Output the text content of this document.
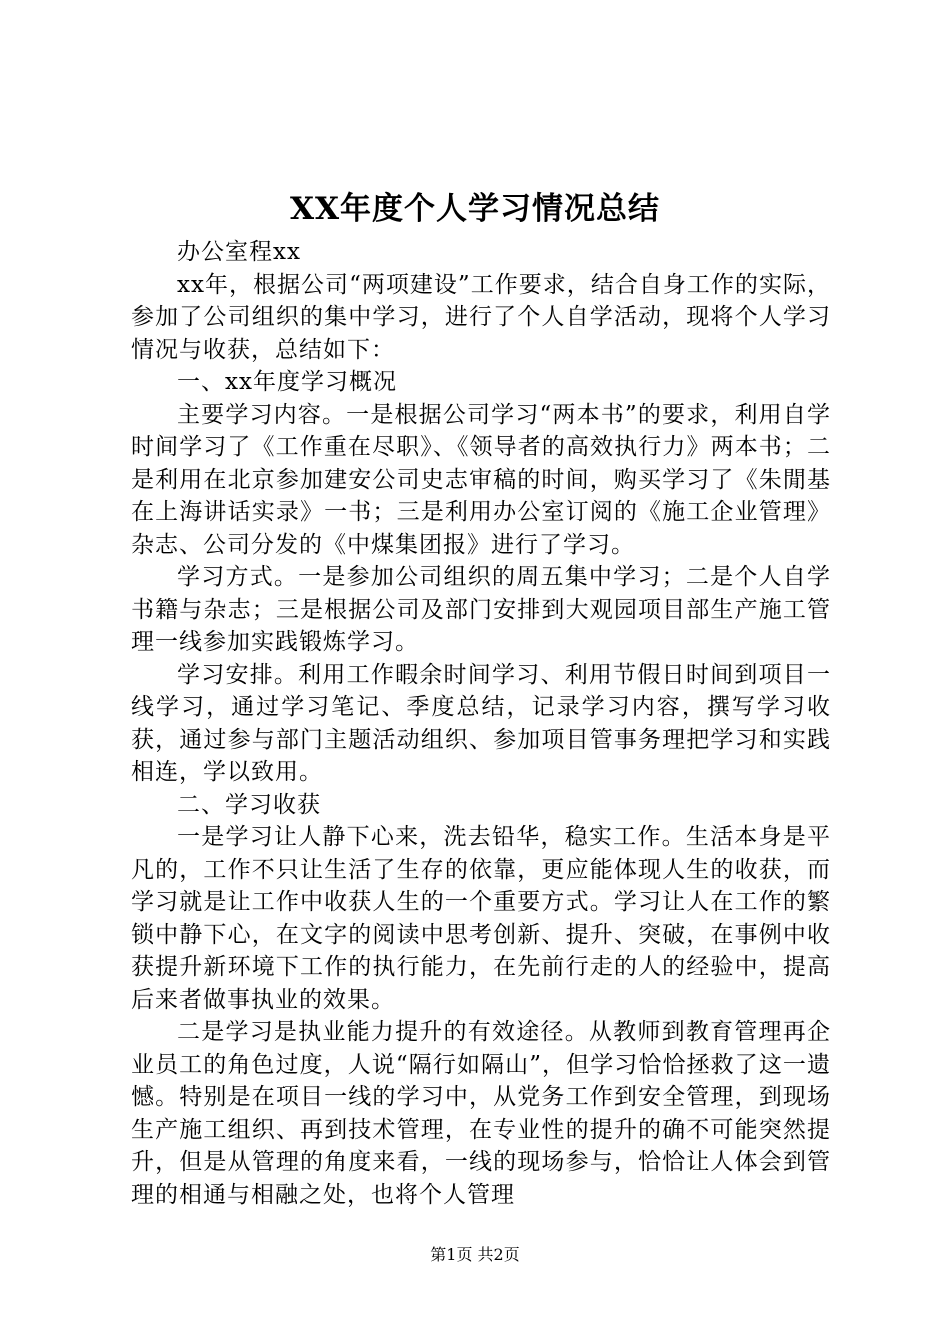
XX年度个人学习情况总结

办公室程xx

xx年，根据公司“两项建设”工作要求，结合自身工作的实际，参加了公司组织的集中学习，进行了个人自学活动，现将个人学习情况与收获，总结如下：

一、xx年度学习概况

主要学习内容。一是根据公司学习“两本书”的要求，利用自学时间学习了《工作重在尽职》、《领导者的高效执行力》两本书；二是利用在北京参加建安公司史志审稿的时间，购买学习了《朱閒基在上海讲话实录》一书；三是利用办公室订阅的《施工企业管理》杂志、公司分发的《中煤集团报》进行了学习。

学习方式。一是参加公司组织的周五集中学习；二是个人自学书籍与杂志；三是根据公司及部门安排到大观园项目部生产施工管理一线参加实践锻炼学习。

学习安排。利用工作暇余时间学习、利用节假日时间到项目一线学习，通过学习笔记、季度总结，记录学习内容，撰写学习收获，通过参与部门主题活动组织、参加项目管事务理把学习和实践相连，学以致用。

二、学习收获

一是学习让人静下心来，洗去铅华，稳实工作。生活本身是平凡的，工作不只让生活了生存的依靠，更应能体现人生的收获，而学习就是让工作中收获人生的一个重要方式。学习让人在工作的繁锁中静下心，在文字的阅读中思考创新、提升、突破，在事例中收获提升新环境下工作的执行能力，在先前行走的人的经验中，提高后来者做事执业的效果。

二是学习是执业能力提升的有效途径。从教师到教育管理再企业员工的角色过度，人说“隔行如隔山”，但学习恰恰拯救了这一遗憾。特别是在项目一线的学习中，从党务工作到安全管理，到现场生产施工组织、再到技术管理，在专业性的提升的确不可能突然提升，但是从管理的角度来看，一线的现场参与，恰恰让人体会到管理的相通与相融之处，也将个人管理

第1页 共2页
